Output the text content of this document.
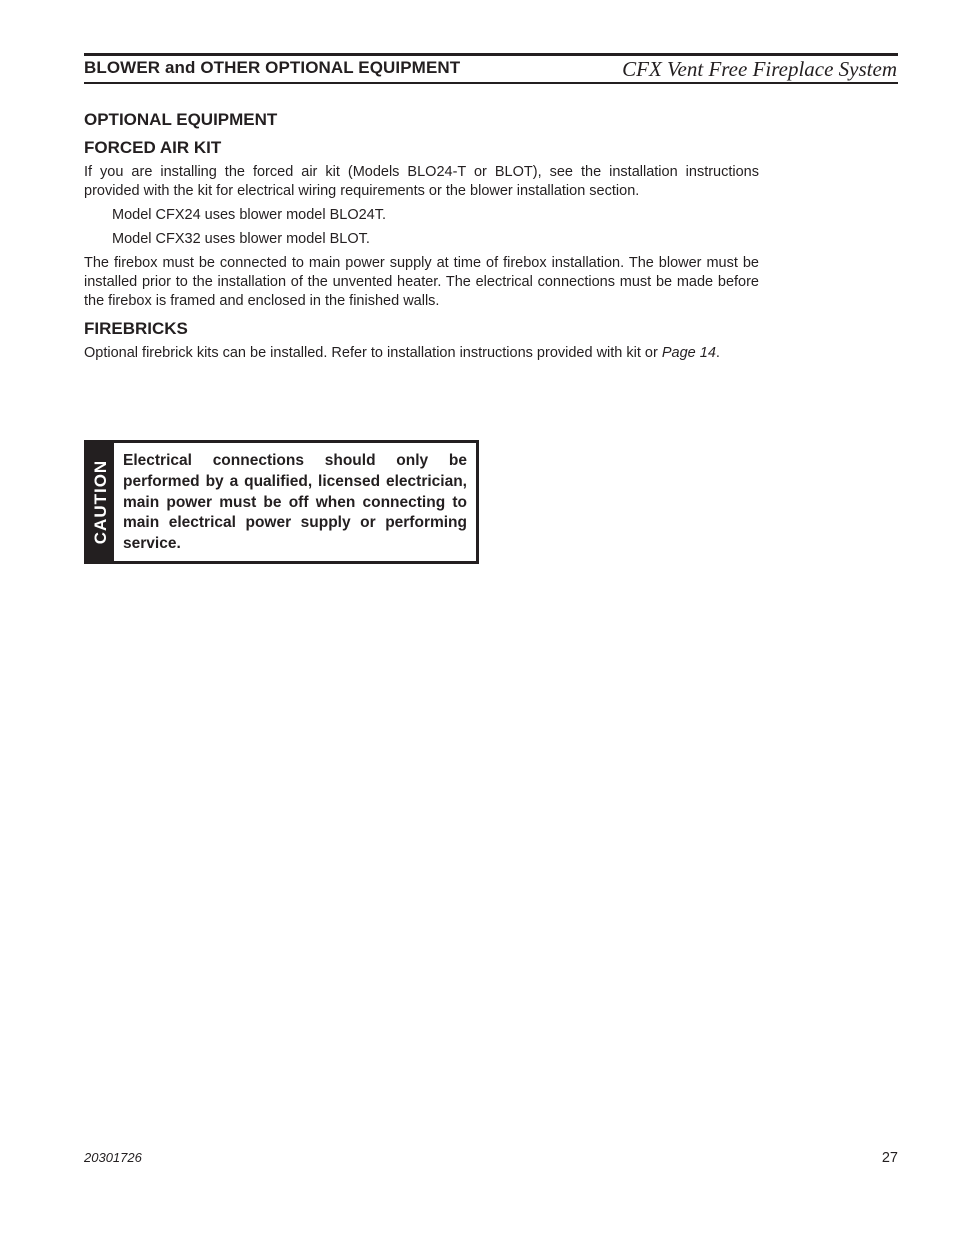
BLOWER and OTHER OPTIONAL EQUIPMENT	CFX Vent Free Fireplace System
OPTIONAL EQUIPMENT
FORCED AIR KIT
If you are installing the forced air kit (Models BLO24-T or BLOT), see the installation instructions provided with the kit for electrical wiring requirements or the blower installation section.
Model CFX24 uses blower model BLO24T.
Model CFX32 uses blower model BLOT.
The firebox must be connected to main power supply at time of firebox installation. The blower must be installed prior to the installation of the unvented heater. The electrical connections must be made before the firebox is framed and enclosed in the finished walls.
FIREBRICKS
Optional firebrick kits can be installed. Refer to installation instructions provided with kit or Page 14.
CAUTION Electrical connections should only be performed by a qualified, licensed electrician, main power must be off when connecting to main electrical power supply or performing service.
20301726	27
